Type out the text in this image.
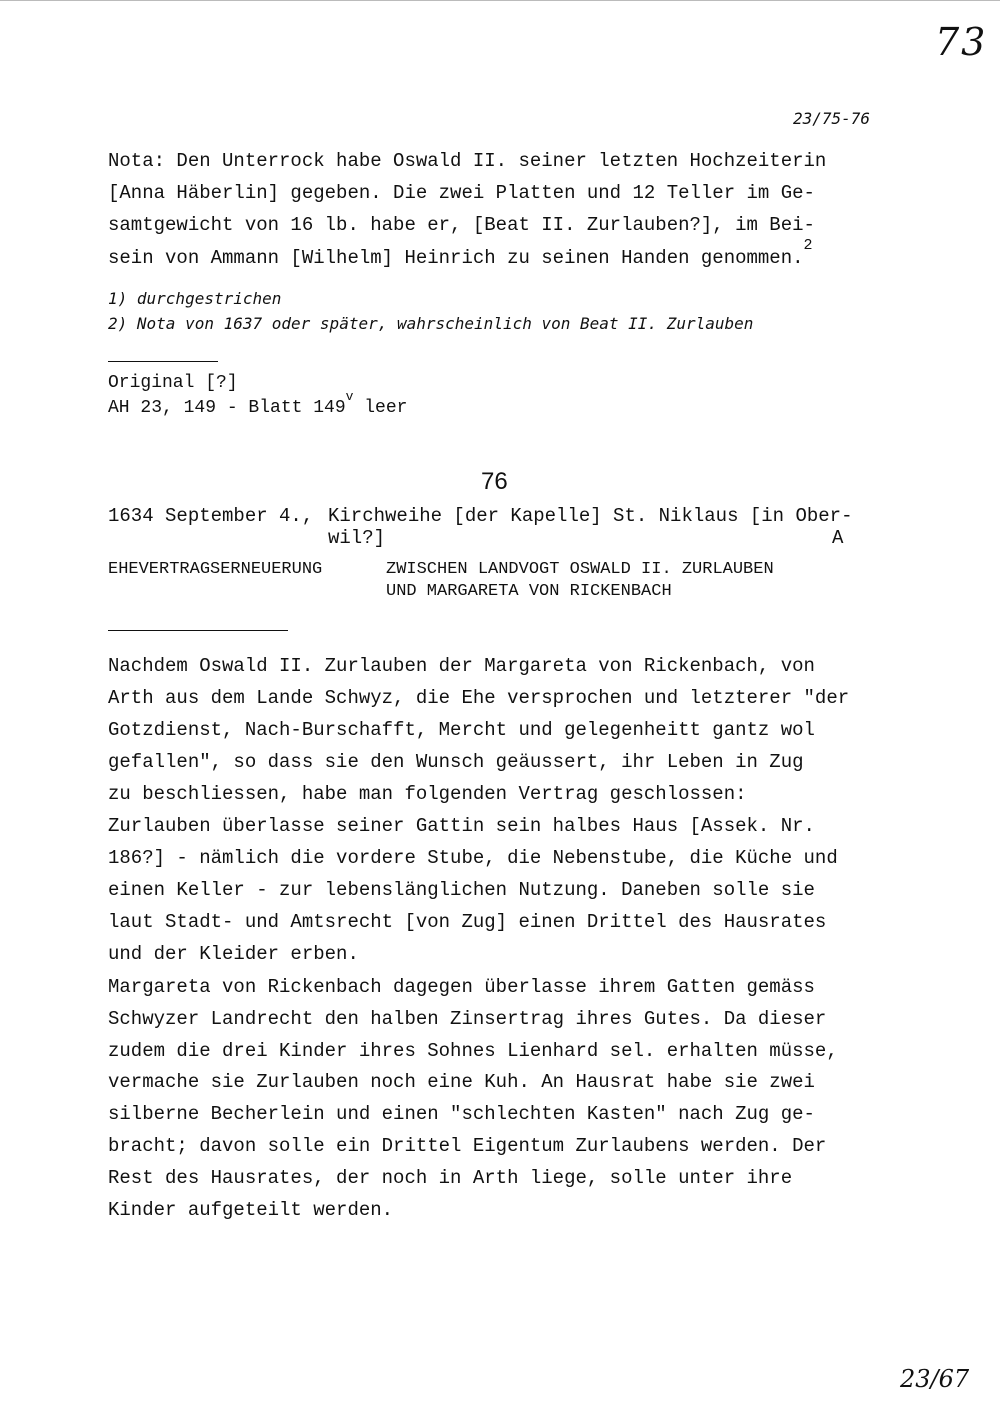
73
23/75-76
Nota: Den Unterrock habe Oswald II. seiner letzten Hochzeiterin
[Anna Häberlin] gegeben. Die zwei Platten und 12 Teller im Ge-
samtgewicht von 16 lb. habe er, [Beat II. Zurlauben?], im Bei-
sein von Ammann [Wilhelm] Heinrich zu seinen Handen genommen.$^2$
1) durchgestrichen
2) Nota von 1637 oder später, wahrscheinlich von Beat II. Zurlauben
Original [?]
AH 23, 149 - Blatt 149$^v$ leer
76
1634 September 4., Kirchweihe [der Kapelle] St. Niklaus [in Ober-
wil?]	A
EHEVERTRAGSERNEUERUNG	ZWISCHEN LANDVOGT OSWALD II. ZURLAUBEN
UND MARGARETA VON RICKENBACH
Nachdem Oswald II. Zurlauben der Margareta von Rickenbach, von
Arth aus dem Lande Schwyz, die Ehe versprochen und letzterer "der
Gotzdienst, Nach-Burschafft, Mercht und gelegenheitt gantz wol
gefallen", so dass sie den Wunsch geäussert, ihr Leben in Zug
zu beschliessen, habe man folgenden Vertrag geschlossen:
Zurlauben überlasse seiner Gattin sein halbes Haus [Assek. Nr.
186?] - nämlich die vordere Stube, die Nebenstube, die Küche und
einen Keller - zur lebenslänglichen Nutzung. Daneben solle sie
laut Stadt- und Amtsrecht [von Zug] einen Drittel des Hausrates
und der Kleider erben.
Margareta von Rickenbach dagegen überlasse ihrem Gatten gemäss
Schwyzer Landrecht den halben Zinsertrag ihres Gutes. Da dieser
zudem die drei Kinder ihres Sohnes Lienhard sel. erhalten müsse,
vermache sie Zurlauben noch eine Kuh. An Hausrat habe sie zwei
silberne Becherlein und einen "schlechten Kasten" nach Zug ge-
bracht; davon solle ein Drittel Eigentum Zurlaubens werden. Der
Rest des Hausrates, der noch in Arth liege, solle unter ihre
Kinder aufgeteilt werden.
23/67
